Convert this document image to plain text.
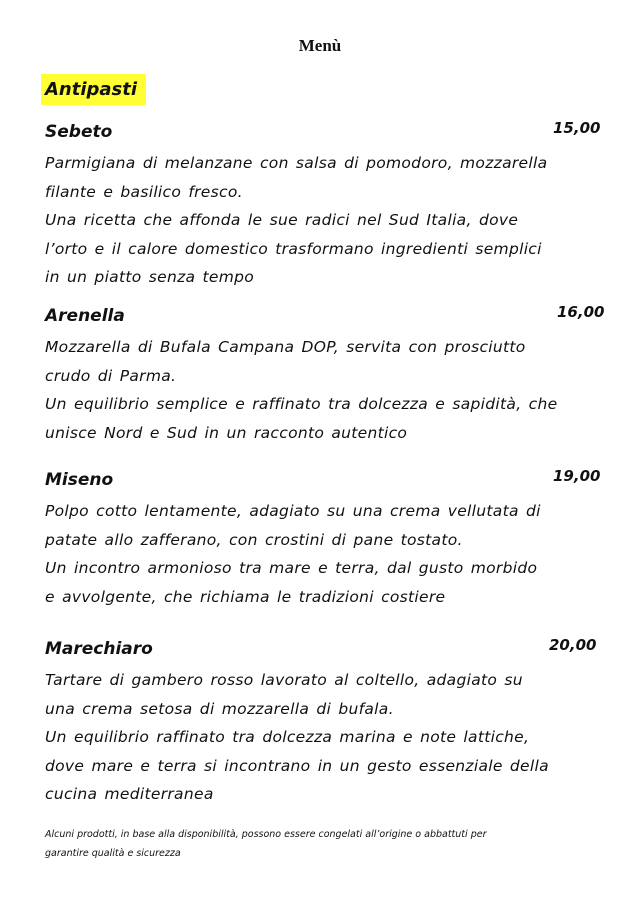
Menù
Antipasti
Sebeto	15,00
Parmigiana di melanzane con salsa di pomodoro, mozzarella
filante e basilico fresco.
Una ricetta che affonda le sue radici nel Sud Italia, dove
l’orto e il calore domestico trasformano ingredienti semplici
in un piatto senza tempo
Arenella	16,00
Mozzarella di Bufala Campana DOP, servita con prosciutto
crudo di Parma.
Un equilibrio semplice e raffinato tra dolcezza e sapidità, che
unisce Nord e Sud in un racconto autentico
Miseno	19,00
Polpo cotto lentamente, adagiato su una crema vellutata di
patate allo zafferano, con crostini di pane tostato.
Un incontro armonioso tra mare e terra, dal gusto morbido
e avvolgente, che richiama le tradizioni costiere
Marechiaro	20,00
Tartare di gambero rosso lavorato al coltello, adagiato su
una crema setosa di mozzarella di bufala.
Un equilibrio raffinato tra dolcezza marina e note lattiche,
dove mare e terra si incontrano in un gesto essenziale della
cucina mediterranea
Alcuni prodotti, in base alla disponibilità, possono essere congelati all’origine o abbattuti per
garantire qualità e sicurezza
